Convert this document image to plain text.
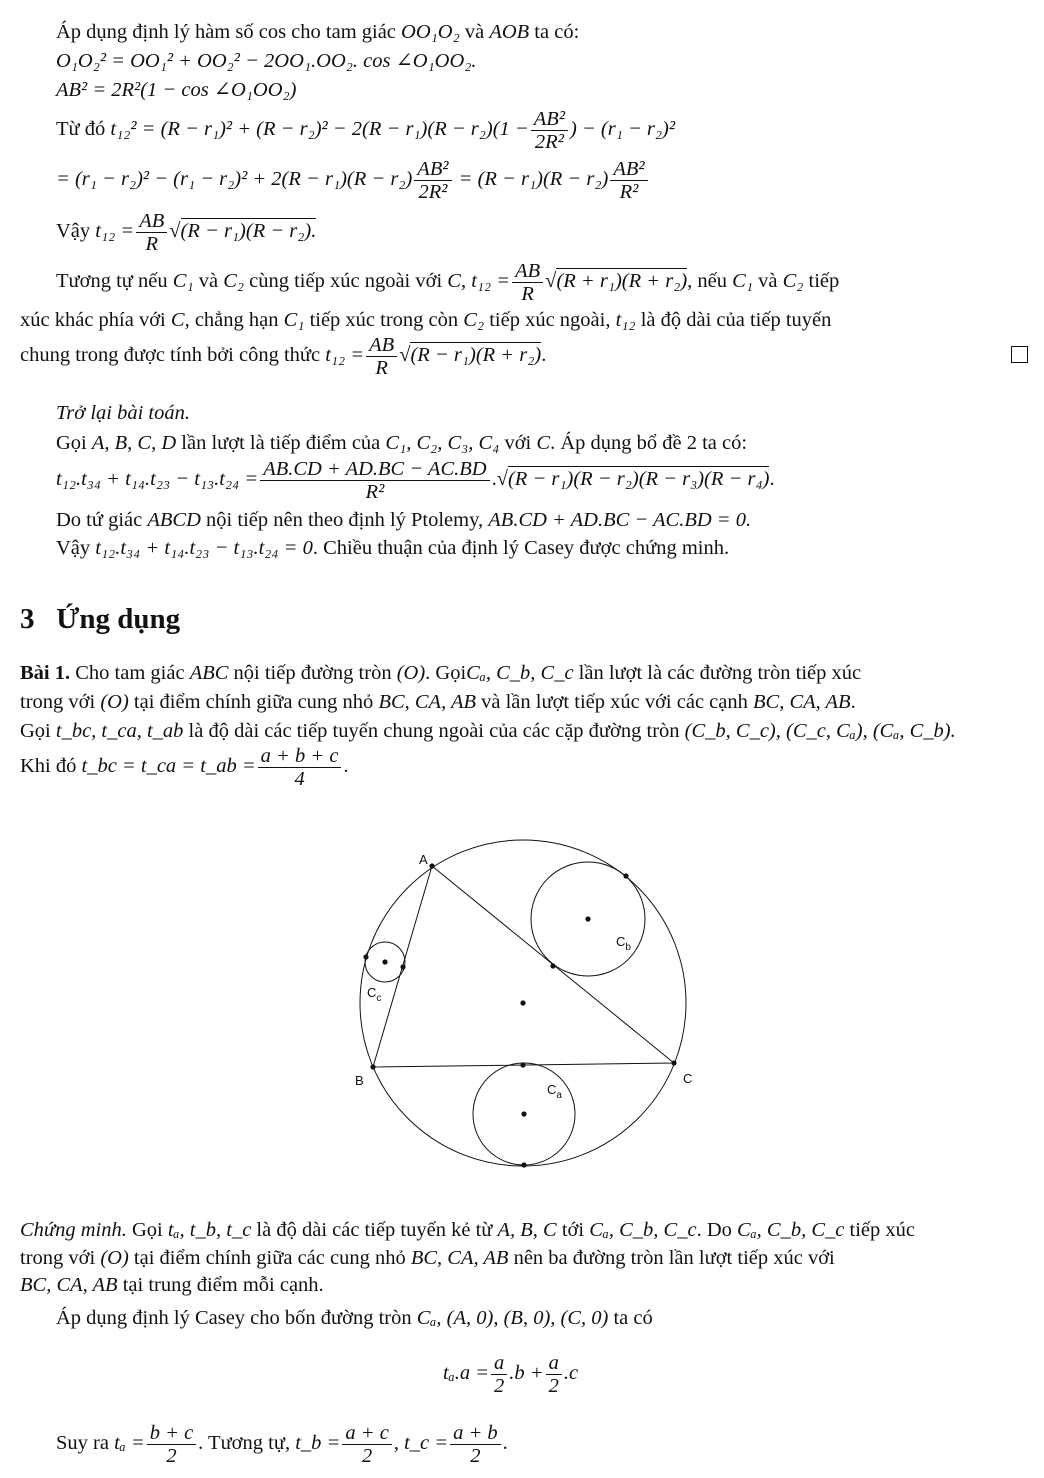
Áp dụng định lý hàm số cos cho tam giác OO₁O₂ và AOB ta có:
O₁O₂² = OO₁² + OO₂² − 2OO₁.OO₂. cos ∠O₁OO₂.
AB² = 2R²(1 − cos ∠O₁OO₂)
Từ đó $t_{12}^2 = (R - r_1)^2 + (R - r_2)^2 - 2(R - r_1)(R - r_2)(1 - \frac{\text{AB²}}{\text{2R²}}$ ) − (r₁ − r₂)²
= $(r_1 - r_2)^2 - (r_1 - r_2)^2 + 2(R - r_1)(R - r_2) \frac{\text{AB²}}{\text{2R²}} = (R - r_1)(R - r_2) \frac{\text{AB²}}{\text{R²}}$
Vậy $t_{12} = \frac{AB}{R} √(R - r_1)(R - r_2)$.
Tương tự nếu C₁ và C₂ cùng tiếp xúc ngoài với C, $t_{12} = \frac{AB}{R} √(R + r_1)(R + r_2)$, nếu C₁ và C₂ tiếp
xúc khác phía với C, chẳng hạn C₁ tiếp xúc trong còn C₂ tiếp xúc ngoài, t₁₂ là độ dài của tiếp tuyến
chung trong được tính bởi công thức $t_{12} = \frac{AB}{R} √(R - r_1)(R + r_2)$.
Trở lại bài toán.
Gọi A, B, C, D lần lượt là tiếp điểm của C₁, C₂, C₃, C₄ với C. Áp dụng bổ đề 2 ta có:
$t_{12}.t_{34} + t_{14}.t_{23} - t_{13}.t_{24} = \frac{AB.CD + AD.BC - AC.BD}{\text{R²}} .√(R - r_1)(R - r_2)(R - r_3)(R - r_4)$.
Do tứ giác ABCD nội tiếp nên theo định lý Ptolemy, AB.CD + AD.BC − AC.BD = 0.
Vậy t₁₂.t₃₄ + t₁₄.t₂₃ − t₁₃.t₂₄ = 0. Chiều thuận của định lý Casey được chứng minh.
3 Ứng dụng
Bài 1. Cho tam giác ABC nội tiếp đường tròn (O). GọiCₐ, C_b, C_c lần lượt là các đường tròn tiếp xúc
trong với (O) tại điểm chính giữa cung nhỏ BC, CA, AB và lần lượt tiếp xúc với các cạnh BC, CA, AB.
Gọi t_bc, t_ca, t_ab là độ dài các tiếp tuyến chung ngoài của các cặp đường tròn (C_b, C_c), (C_c, Cₐ), (Cₐ, C_b).
Khi đó t_bc = t_ca = t_ab = $\frac{a + b + c}{4}$ .
A
B	C
$C_b$
$C_c$
$C_a$
Chứng minh. Gọi tₐ, t_b, t_c là độ dài các tiếp tuyến kẻ từ A, B, C tới Cₐ, C_b, C_c. Do Cₐ, C_b, C_c tiếp xúc
trong với (O) tại điểm chính giữa các cung nhỏ BC, CA, AB nên ba đường tròn lần lượt tiếp xúc với
BC, CA, AB tại trung điểm mỗi cạnh.
Áp dụng định lý Casey cho bốn đường tròn Cₐ, (A, 0), (B, 0), (C, 0) ta có
$t_a.a = \frac{a}{2} .b + \frac{a}{2} .c$
Suy ra $t_a = \frac{b + c}{2}$ . Tương tự, t_b = $\frac{a + c}{2}$ , t_c = $\frac{a + b}{2}$ .
